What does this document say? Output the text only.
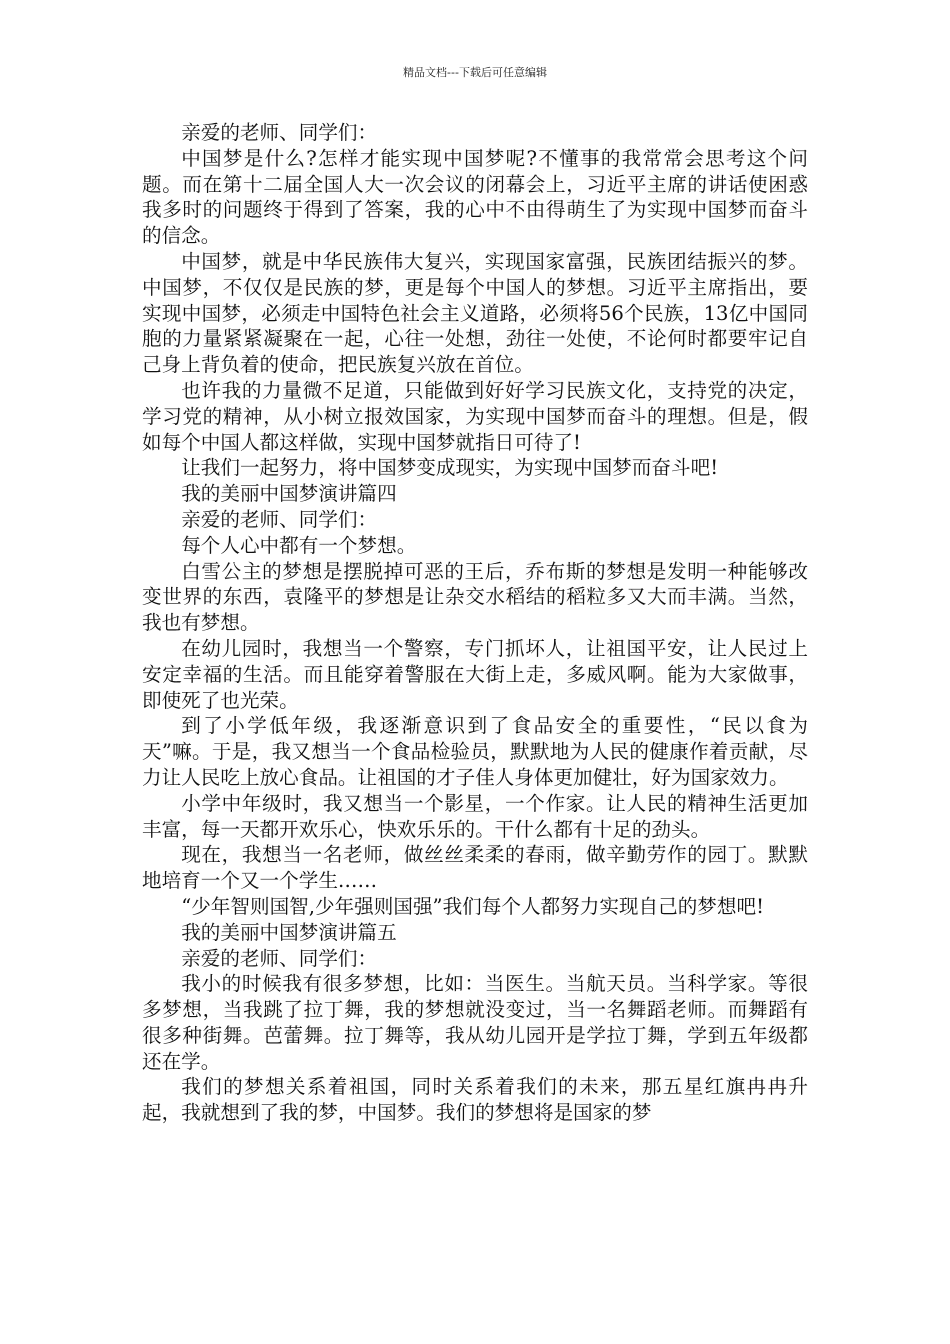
精品文档---下载后可任意编辑

亲爱的老师、同学们：

中国梦是什么?怎样才能实现中国梦呢?不懂事的我常常会思考这个问题。而在第十二届全国人大一次会议的闭幕会上，习近平主席的讲话使困惑我多时的问题终于得到了答案，我的心中不由得萌生了为实现中国梦而奋斗的信念。

中国梦，就是中华民族伟大复兴，实现国家富强，民族团结振兴的梦。中国梦，不仅仅是民族的梦，更是每个中国人的梦想。习近平主席指出，要实现中国梦，必须走中国特色社会主义道路，必须将56个民族，13亿中国同胞的力量紧紧凝聚在一起，心往一处想，劲往一处使，不论何时都要牢记自己身上背负着的使命，把民族复兴放在首位。

也许我的力量微不足道，只能做到好好学习民族文化，支持党的决定，学习党的精神，从小树立报效国家，为实现中国梦而奋斗的理想。但是，假如每个中国人都这样做，实现中国梦就指日可待了!

让我们一起努力，将中国梦变成现实，为实现中国梦而奋斗吧!

我的美丽中国梦演讲篇四

亲爱的老师、同学们：

每个人心中都有一个梦想。

白雪公主的梦想是摆脱掉可恶的王后，乔布斯的梦想是发明一种能够改变世界的东西，袁隆平的梦想是让杂交水稻结的稻粒多又大而丰满。当然，我也有梦想。

在幼儿园时，我想当一个警察，专门抓坏人，让祖国平安，让人民过上安定幸福的生活。而且能穿着警服在大街上走，多威风啊。能为大家做事，即使死了也光荣。

到了小学低年级，我逐渐意识到了食品安全的重要性，“民以食为天”嘛。于是，我又想当一个食品检验员，默默地为人民的健康作着贡献，尽力让人民吃上放心食品。让祖国的才子佳人身体更加健壮，好为国家效力。

小学中年级时，我又想当一个影星，一个作家。让人民的精神生活更加丰富，每一天都开欢乐心，快欢乐乐的。干什么都有十足的劲头。

现在，我想当一名老师，做丝丝柔柔的春雨，做辛勤劳作的园丁。默默地培育一个又一个学生……

“少年智则国智,少年强则国强”我们每个人都努力实现自己的梦想吧!

我的美丽中国梦演讲篇五

亲爱的老师、同学们：

我小的时候我有很多梦想，比如：当医生。当航天员。当科学家。等很多梦想，当我跳了拉丁舞，我的梦想就没变过，当一名舞蹈老师。而舞蹈有很多种街舞。芭蕾舞。拉丁舞等，我从幼儿园开是学拉丁舞，学到五年级都还在学。

我们的梦想关系着祖国，同时关系着我们的未来，那五星红旗冉冉升起，我就想到了我的梦，中国梦。我们的梦想将是国家的梦
